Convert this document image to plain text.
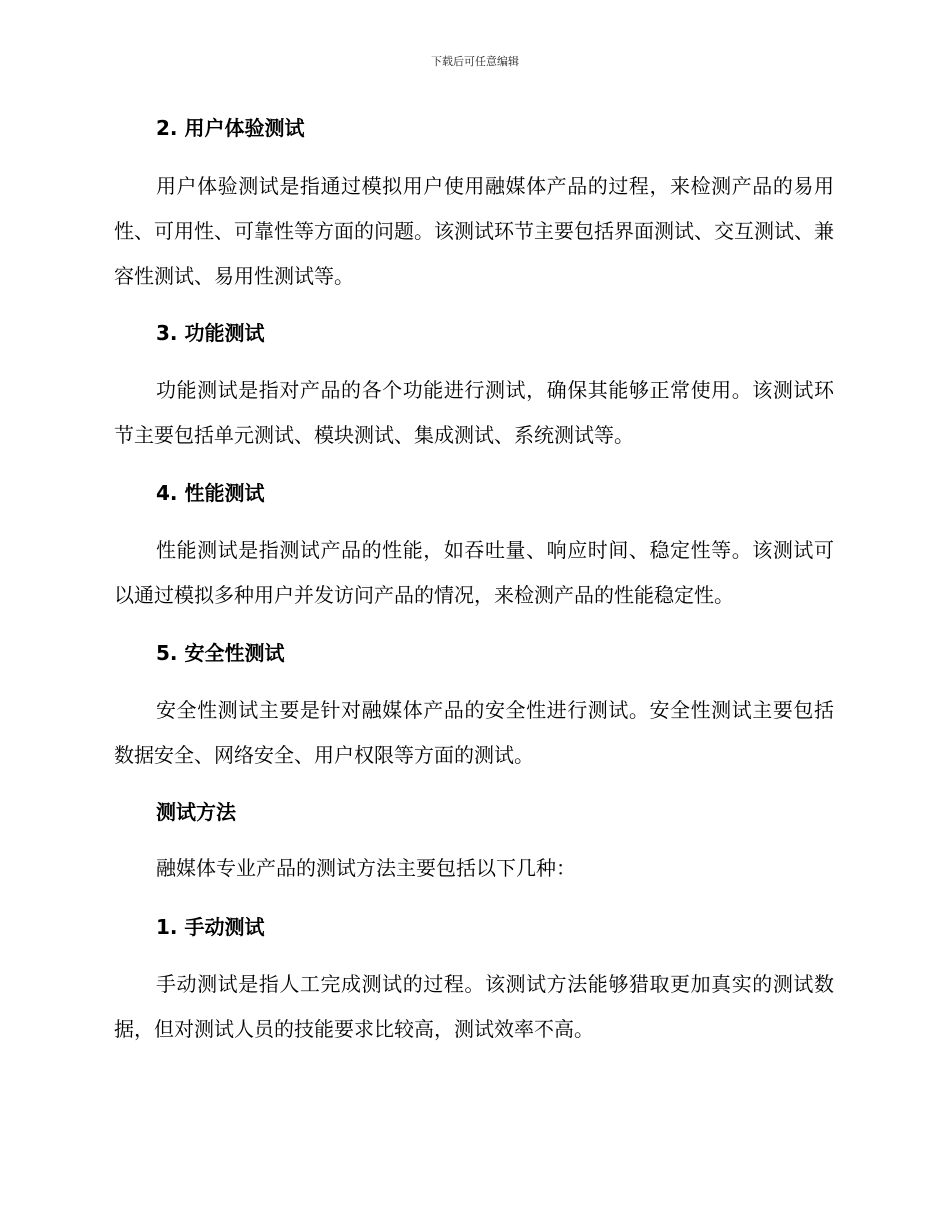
下载后可任意编辑
2. 用户体验测试
用户体验测试是指通过模拟用户使用融媒体产品的过程，来检测产品的易用性、可用性、可靠性等方面的问题。该测试环节主要包括界面测试、交互测试、兼容性测试、易用性测试等。
3. 功能测试
功能测试是指对产品的各个功能进行测试，确保其能够正常使用。该测试环节主要包括单元测试、模块测试、集成测试、系统测试等。
4. 性能测试
性能测试是指测试产品的性能，如吞吐量、响应时间、稳定性等。该测试可以通过模拟多种用户并发访问产品的情况，来检测产品的性能稳定性。
5. 安全性测试
安全性测试主要是针对融媒体产品的安全性进行测试。安全性测试主要包括数据安全、网络安全、用户权限等方面的测试。
测试方法
融媒体专业产品的测试方法主要包括以下几种：
1. 手动测试
手动测试是指人工完成测试的过程。该测试方法能够猎取更加真实的测试数据，但对测试人员的技能要求比较高，测试效率不高。
